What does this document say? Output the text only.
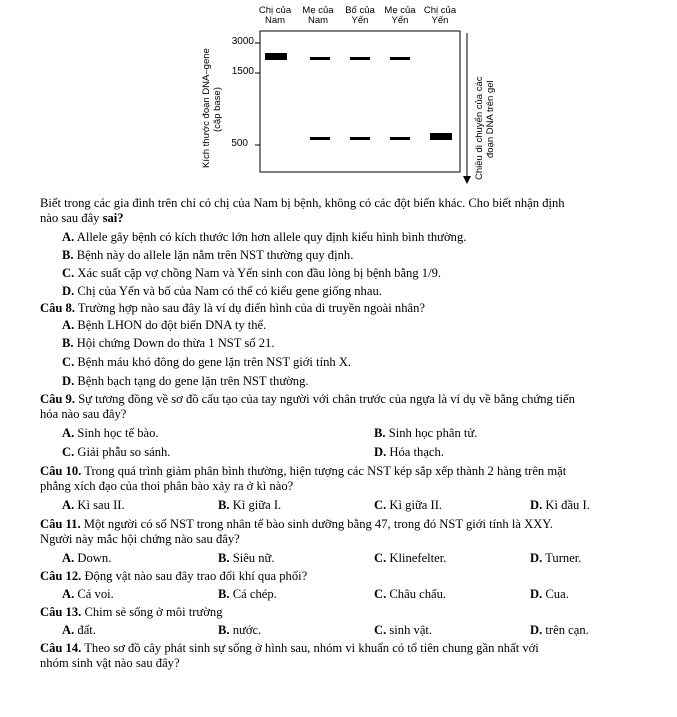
Chị của
Nam
Mẹ của
Nam
Bố của
Yến
Mẹ của
Yến
Chị của
Yến
Kích thước đoạn DNA–gene (cặp base)
3000
1500
500	Chiều di chuyển của các đoạn DNA trên gel
Biết trong các gia đình trên chỉ có chị của Nam bị bệnh, không có các đột biến khác. Cho biết nhận định
nào sau đây sai?
A. Allele gây bệnh có kích thước lớn hơn allele quy định kiểu hình bình thường.
B. Bệnh này do allele lặn nằm trên NST thường quy định.
C. Xác suất cặp vợ chồng Nam và Yến sinh con đầu lòng bị bệnh bằng 1/9.
D. Chị của Yến và bố của Nam có thể có kiểu gene giống nhau.
Câu 8. Trường hợp nào sau đây là ví dụ điển hình của di truyền ngoài nhân?
A. Bệnh LHON do đột biến DNA ty thể.
B. Hội chứng Down do thừa 1 NST số 21.
C. Bệnh máu khó đông do gene lặn trên NST giới tính X.
D. Bệnh bạch tạng do gene lặn trên NST thường.
Câu 9. Sự tương đồng về sơ đồ cấu tạo của tay người với chân trước của ngựa là ví dụ về bằng chứng tiến
hóa nào sau đây?
A. Sinh học tế bào.	B. Sinh học phân tử.
C. Giải phẫu so sánh.	D. Hóa thạch.
Câu 10. Trong quá trình giảm phân bình thường, hiện tượng các NST kép sắp xếp thành 2 hàng trên mặt
phẳng xích đạo của thoi phân bào xảy ra ở kì nào?
A. Kì sau II.	B. Kì giữa I.	C. Kì giữa II.	D. Kì đầu I.
Câu 11. Một người có số NST trong nhân tế bào sinh dưỡng bằng 47, trong đó NST giới tính là XXY.
Người này mắc hội chứng nào sau đây?
A. Down.	B. Siêu nữ.	C. Klinefelter.	D. Turner.
Câu 12. Động vật nào sau đây trao đổi khí qua phổi?
A. Cá voi.	B. Cá chép.	C. Châu chấu.	D. Cua.
Câu 13. Chim sẻ sống ở môi trường
A. đất.	B. nước.	C. sinh vật.	D. trên cạn.
Câu 14. Theo sơ đồ cây phát sinh sự sống ở hình sau, nhóm vi khuẩn có tổ tiên chung gần nhất với
nhóm sinh vật nào sau đây?
